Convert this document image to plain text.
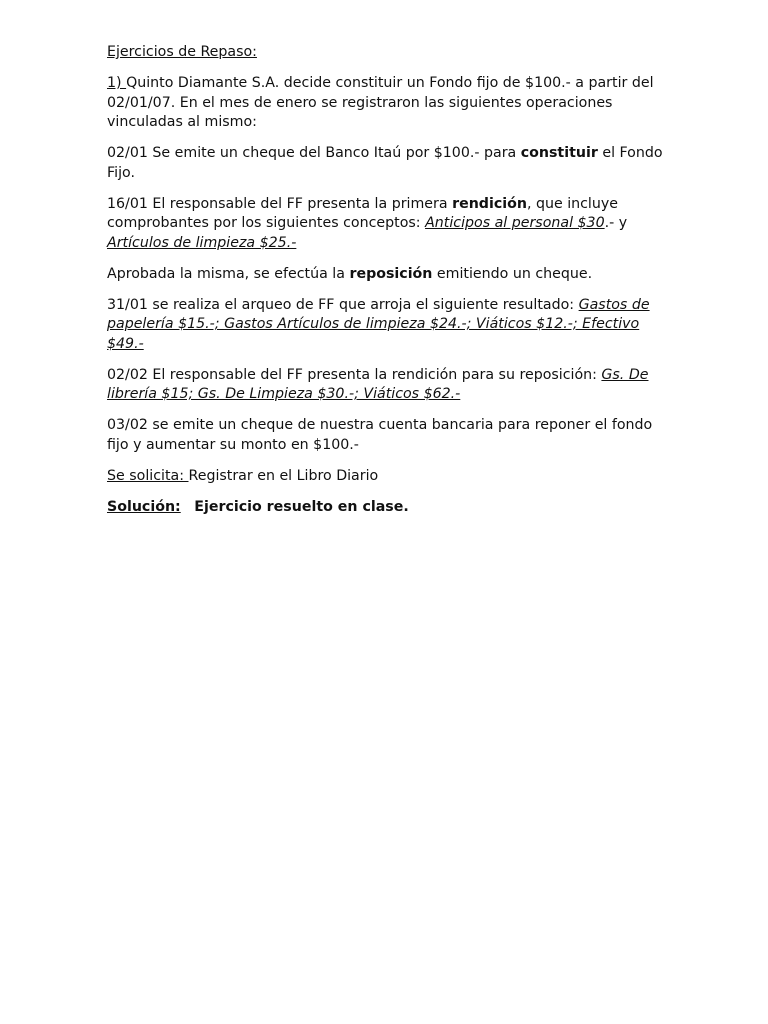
Ejercicios de Repaso:

1) Quinto Diamante S.A. decide constituir un Fondo fijo de $100.- a partir del 02/01/07. En el mes de enero se registraron las siguientes operaciones vinculadas al mismo:

02/01 Se emite un cheque del Banco Itaú por $100.- para constituir el Fondo Fijo.

16/01 El responsable del FF presenta la primera rendición, que incluye comprobantes por los siguientes conceptos: Anticipos al personal $30.- y Artículos de limpieza $25.-

Aprobada la misma, se efectúa la reposición emitiendo un cheque.

31/01 se realiza el arqueo de FF que arroja el siguiente resultado: Gastos de papelería $15.-; Gastos Artículos de limpieza $24.-; Viáticos $12.-; Efectivo $49.-

02/02 El responsable del FF presenta la rendición para su reposición: Gs. De librería $15; Gs. De Limpieza $30.-; Viáticos $62.-

03/02 se emite un cheque de nuestra cuenta bancaria para reponer el fondo fijo y aumentar su monto en $100.-

Se solicita: Registrar en el Libro Diario

Solución: Ejercicio resuelto en clase.
